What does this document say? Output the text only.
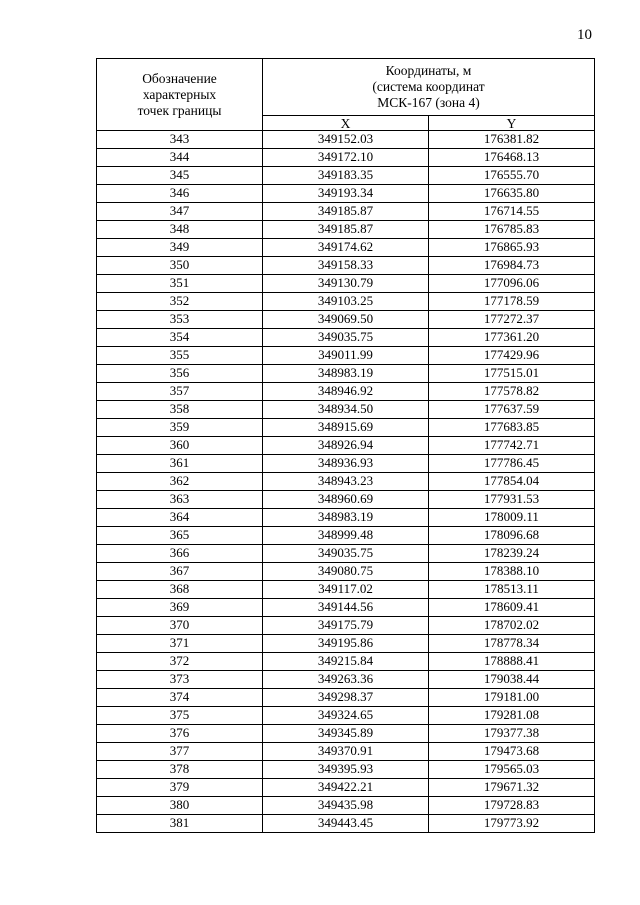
10
Обозначение
характерных
точек границы	Координаты, м
(система координат
МСК-167 (зона 4)	

	X	Y
343	349152.03	176381.82
344	349172.10	176468.13
345	349183.35	176555.70
346	349193.34	176635.80
347	349185.87	176714.55
348	349185.87	176785.83
349	349174.62	176865.93
350	349158.33	176984.73
351	349130.79	177096.06
352	349103.25	177178.59
353	349069.50	177272.37
354	349035.75	177361.20
355	349011.99	177429.96
356	348983.19	177515.01
357	348946.92	177578.82
358	348934.50	177637.59
359	348915.69	177683.85
360	348926.94	177742.71
361	348936.93	177786.45
362	348943.23	177854.04
363	348960.69	177931.53
364	348983.19	178009.11
365	348999.48	178096.68
366	349035.75	178239.24
367	349080.75	178388.10
368	349117.02	178513.11
369	349144.56	178609.41
370	349175.79	178702.02
371	349195.86	178778.34
372	349215.84	178888.41
373	349263.36	179038.44
374	349298.37	179181.00
375	349324.65	179281.08
376	349345.89	179377.38
377	349370.91	179473.68
378	349395.93	179565.03
379	349422.21	179671.32
380	349435.98	179728.83
381	349443.45	179773.92
